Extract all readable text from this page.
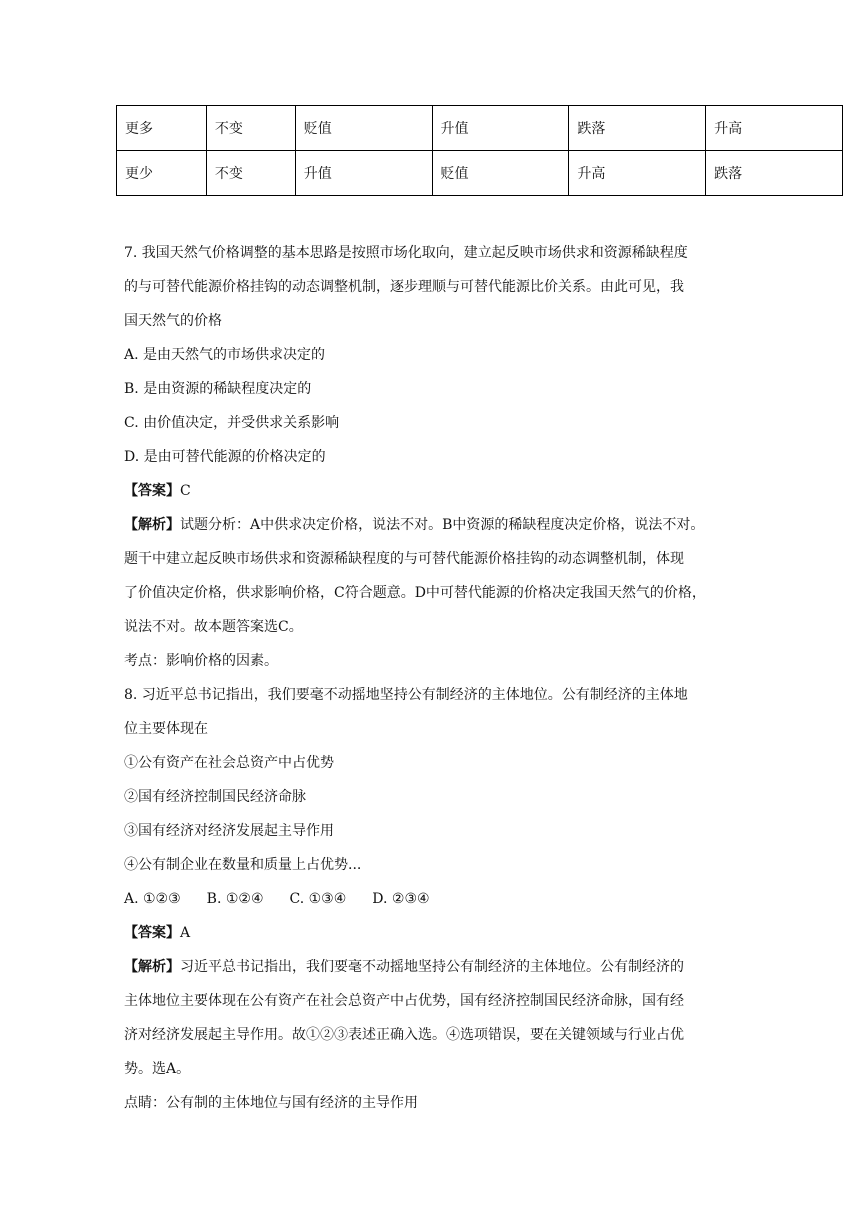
更多	不变	贬值	升值	跌落	升高
更少	不变	升值	贬值	升高	跌落

7. 我国天然气价格调整的基本思路是按照市场化取向，建立起反映市场供求和资源稀缺程度

的与可替代能源价格挂钩的动态调整机制，逐步理顺与可替代能源比价关系。由此可见，我

国天然气的价格

A. 是由天然气的市场供求决定的

B. 是由资源的稀缺程度决定的

C. 由价值决定，并受供求关系影响

D. 是由可替代能源的价格决定的

【答案】C

【解析】试题分析：A中供求决定价格，说法不对。B中资源的稀缺程度决定价格，说法不对。

题干中建立起反映市场供求和资源稀缺程度的与可替代能源价格挂钩的动态调整机制，体现

了价值决定价格，供求影响价格，C符合题意。D中可替代能源的价格决定我国天然气的价格，

说法不对。故本题答案选C。

考点：影响价格的因素。

8. 习近平总书记指出，我们要毫不动摇地坚持公有制经济的主体地位。公有制经济的主体地

位主要体现在

①公有资产在社会总资产中占优势

②国有经济控制国民经济命脉

③国有经济对经济发展起主导作用

④公有制企业在数量和质量上占优势...

A. ①②③ B. ①②④ C. ①③④ D. ②③④

【答案】A

【解析】习近平总书记指出，我们要毫不动摇地坚持公有制经济的主体地位。公有制经济的

主体地位主要体现在公有资产在社会总资产中占优势，国有经济控制国民经济命脉，国有经

济对经济发展起主导作用。故①②③表述正确入选。④选项错误，要在关键领域与行业占优

势。选A。

点睛：公有制的主体地位与国有经济的主导作用
